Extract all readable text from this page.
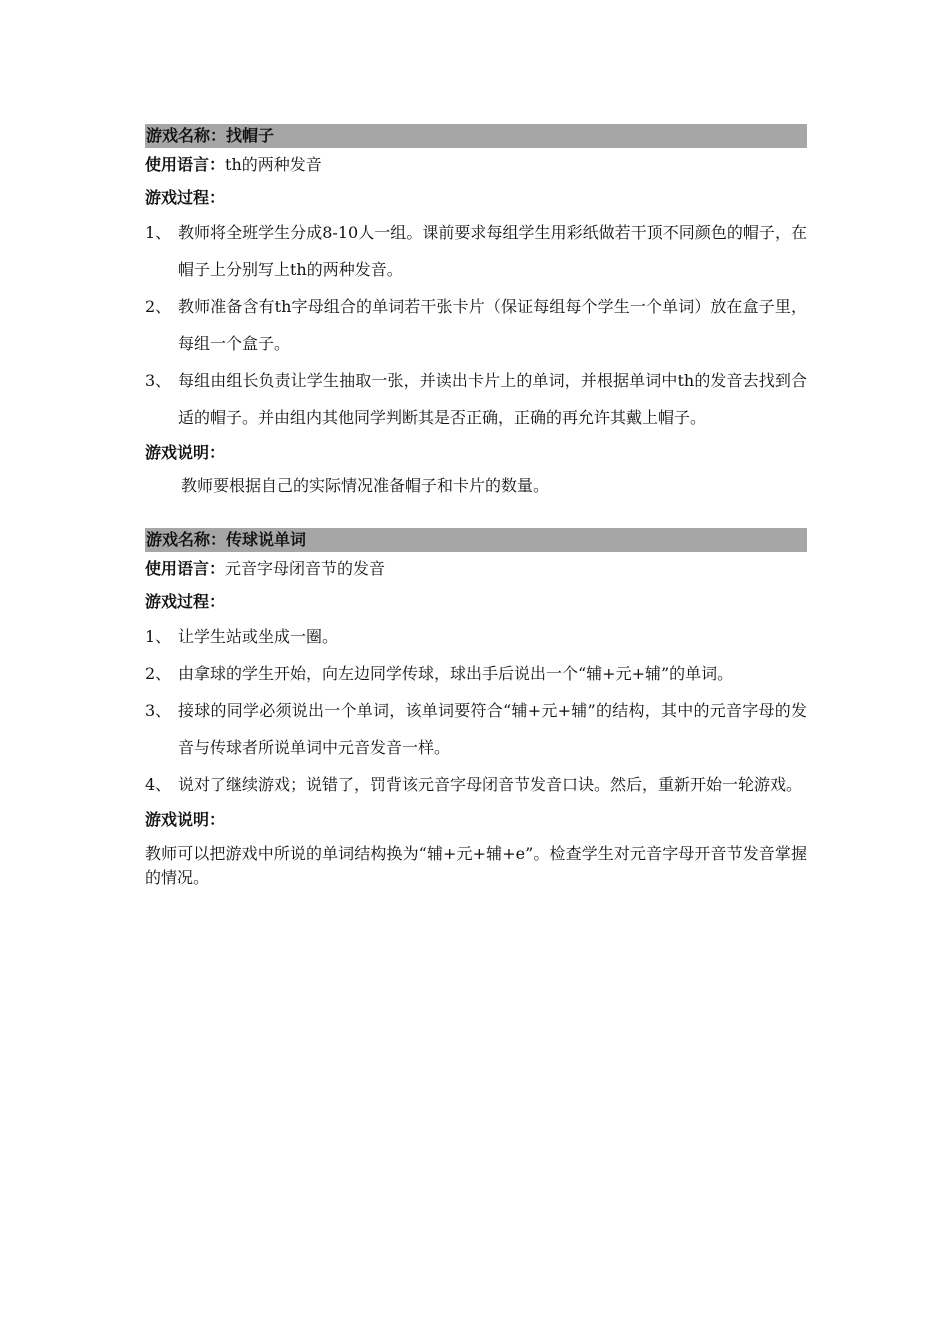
游戏名称：找帽子
使用语言：th的两种发音
游戏过程：
1、 教师将全班学生分成8-10人一组。课前要求每组学生用彩纸做若干顶不同颜色的帽子，在帽子上分别写上th的两种发音。
2、 教师准备含有th字母组合的单词若干张卡片（保证每组每个学生一个单词）放在盒子里，每组一个盒子。
3、 每组由组长负责让学生抽取一张，并读出卡片上的单词，并根据单词中th的发音去找到合适的帽子。并由组内其他同学判断其是否正确，正确的再允许其戴上帽子。
游戏说明：
教师要根据自己的实际情况准备帽子和卡片的数量。
游戏名称：传球说单词
使用语言：元音字母闭音节的发音
游戏过程：
1、 让学生站或坐成一圈。
2、 由拿球的学生开始，向左边同学传球，球出手后说出一个“辅+元+辅”的单词。
3、 接球的同学必须说出一个单词，该单词要符合“辅+元+辅”的结构，其中的元音字母的发音与传球者所说单词中元音发音一样。
4、 说对了继续游戏；说错了，罚背该元音字母闭音节发音口诀。然后，重新开始一轮游戏。
游戏说明：
教师可以把游戏中所说的单词结构换为“辅+元+辅+e”。检查学生对元音字母开音节发音掌握的情况。
